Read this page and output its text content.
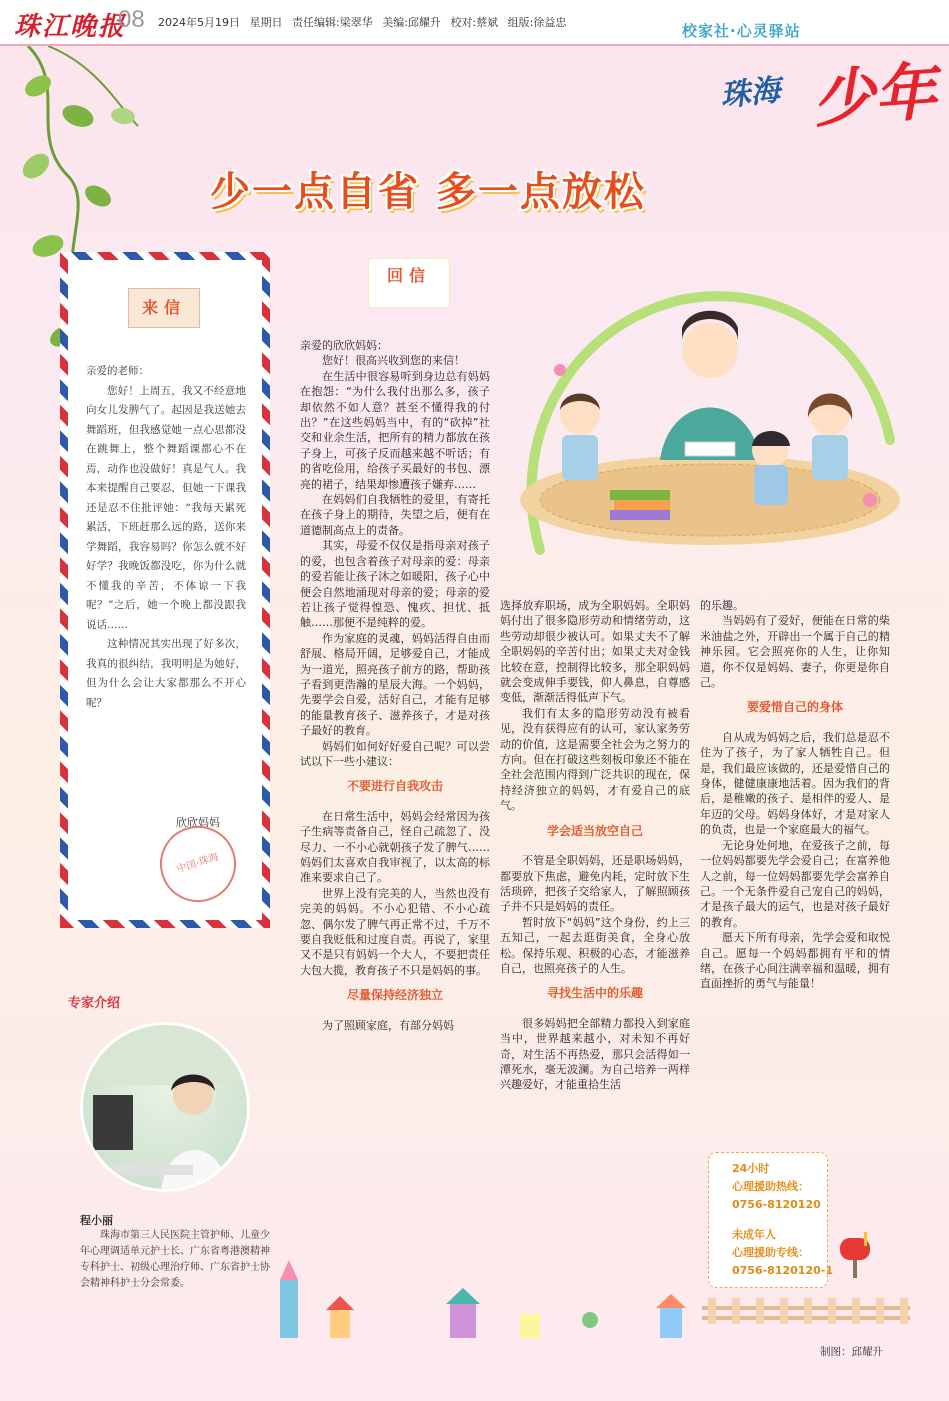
珠江晚报
08 2024年5月19日 星期日 责任编辑:梁翠华 美编:邱耀升 校对:蔡斌 组版:徐益忠	校家社·心灵驿站
珠海 少年
少一点自省 多一点放松
来信

亲爱的老师：

您好！上周五，我又不经意地向女儿发脾气了。起因是我送她去舞蹈班，但我感觉她一点心思都没在跳舞上，整个舞蹈课都心不在焉，动作也没做好！真是气人。我本来提醒自己要忍，但她一下课我还是忍不住批评她：“我每天累死累活，下班赶那么远的路，送你来学舞蹈，我容易吗？你怎么就不好好学？我晚饭都没吃，你为什么就不懂我的辛苦，不体谅一下我呢？”之后，她一个晚上都没跟我说话……

这种情况其实出现了好多次，我真的很纠结，我明明是为她好，但为什么会让大家都那么不开心呢？

欣欣妈妈
中国·珠海
回信

亲爱的欣欣妈妈：

您好！很高兴收到您的来信！

在生活中很容易听到身边总有妈妈在抱怨：“为什么我付出那么多，孩子却依然不如人意？甚至不懂得我的付出？”在这些妈妈当中，有的“砍掉”社交和业余生活，把所有的精力都放在孩子身上，可孩子反而越来越不听话；有的省吃俭用，给孩子买最好的书包、漂亮的裙子，结果却惨遭孩子嫌弃……

在妈妈们自我牺牲的爱里，有寄托在孩子身上的期待，失望之后，便有在道德制高点上的责备。

其实，母爱不仅仅是指母亲对孩子的爱，也包含着孩子对母亲的爱：母亲的爱若能让孩子沐之如暖阳，孩子心中便会自然地涌现对母亲的爱；母亲的爱若让孩子觉得惶恐、愧疚、担忧、抵触……那便不是纯粹的爱。

作为家庭的灵魂，妈妈活得自由而舒展、格局开阔，足够爱自己，才能成为一道光，照亮孩子前方的路，帮助孩子看到更浩瀚的星辰大海。一个妈妈，先要学会自爱，活好自己，才能有足够的能量教育孩子、滋养孩子，才是对孩子最好的教育。

妈妈们如何好好爱自己呢？可以尝试以下一些小建议：

不要进行自我攻击

在日常生活中，妈妈会经常因为孩子生病等责备自己，怪自己疏忽了、没尽力、一不小心就朝孩子发了脾气……妈妈们太喜欢自我审视了，以太高的标准来要求自己了。

世界上没有完美的人，当然也没有完美的妈妈。不小心犯错、不小心疏忽、偶尔发了脾气再正常不过，千万不要自我贬低和过度自责。再说了，家里又不是只有妈妈一个大人，不要把责任大包大揽，教育孩子不只是妈妈的事。

尽量保持经济独立

为了照顾家庭，有部分妈妈

选择放弃职场，成为全职妈妈。全职妈妈付出了很多隐形劳动和情绪劳动，这些劳动却很少被认可。如果丈夫不了解全职妈妈的辛苦付出；如果丈夫对金钱比较在意，控制得比较多，那全职妈妈就会变成伸手要钱，仰人鼻息，自尊感变低，渐渐活得低声下气。

我们有太多的隐形劳动没有被看见，没有获得应有的认可，家认家务劳动的价值，这是需要全社会为之努力的方向。但在打破这些刻板印象还不能在全社会范围内得到广泛共识的现在，保持经济独立的妈妈，才有爱自己的底气。

学会适当放空自己

不管是全职妈妈，还是职场妈妈，都要放下焦虑，避免内耗，定时放下生活琐碎，把孩子交给家人，了解照顾孩子并不只是妈妈的责任。

暂时放下“妈妈”这个身份，约上三五知己，一起去逛街美食，全身心放松。保持乐观、积极的心态，才能滋养自己，也照亮孩子的人生。

寻找生活中的乐趣

很多妈妈把全部精力都投入到家庭当中，世界越来越小，对未知不再好奇，对生活不再热爱，那只会活得如一潭死水，毫无波澜。为自己培养一两样兴趣爱好，才能重拾生活

的乐趣。

当妈妈有了爱好，便能在日常的柴米油盐之外，开辟出一个属于自己的精神乐园。它会照亮你的人生，让你知道，你不仅是妈妈、妻子，你更是你自己。

要爱惜自己的身体

自从成为妈妈之后，我们总是忍不住为了孩子，为了家人牺牲自己。但是，我们最应该做的，还是爱惜自己的身体，健健康康地活着。因为我们的背后，是稚嫩的孩子、是相伴的爱人、是年迈的父母。妈妈身体好，才是对家人的负责，也是一个家庭最大的福气。

无论身处何地，在爱孩子之前，每一位妈妈都要先学会爱自己；在富养他人之前，每一位妈妈都要先学会富养自己。一个无条件爱自己宠自己的妈妈，才是孩子最大的运气，也是对孩子最好的教育。

愿天下所有母亲，先学会爱和取悦自己。愿每一个妈妈都拥有平和的情绪，在孩子心间注满幸福和温暖，拥有直面挫折的勇气与能量！

专家介绍
程小丽
珠海市第三人民医院主管护师、儿童少年心理调适单元护士长、广东省粤港澳精神专科护士、初级心理治疗师、广东省护士协会精神科护士分会常委。
24小时
心理援助热线：
0756-8120120
未成年人
心理援助专线：
0756-8120120-1
制图：邱耀升
